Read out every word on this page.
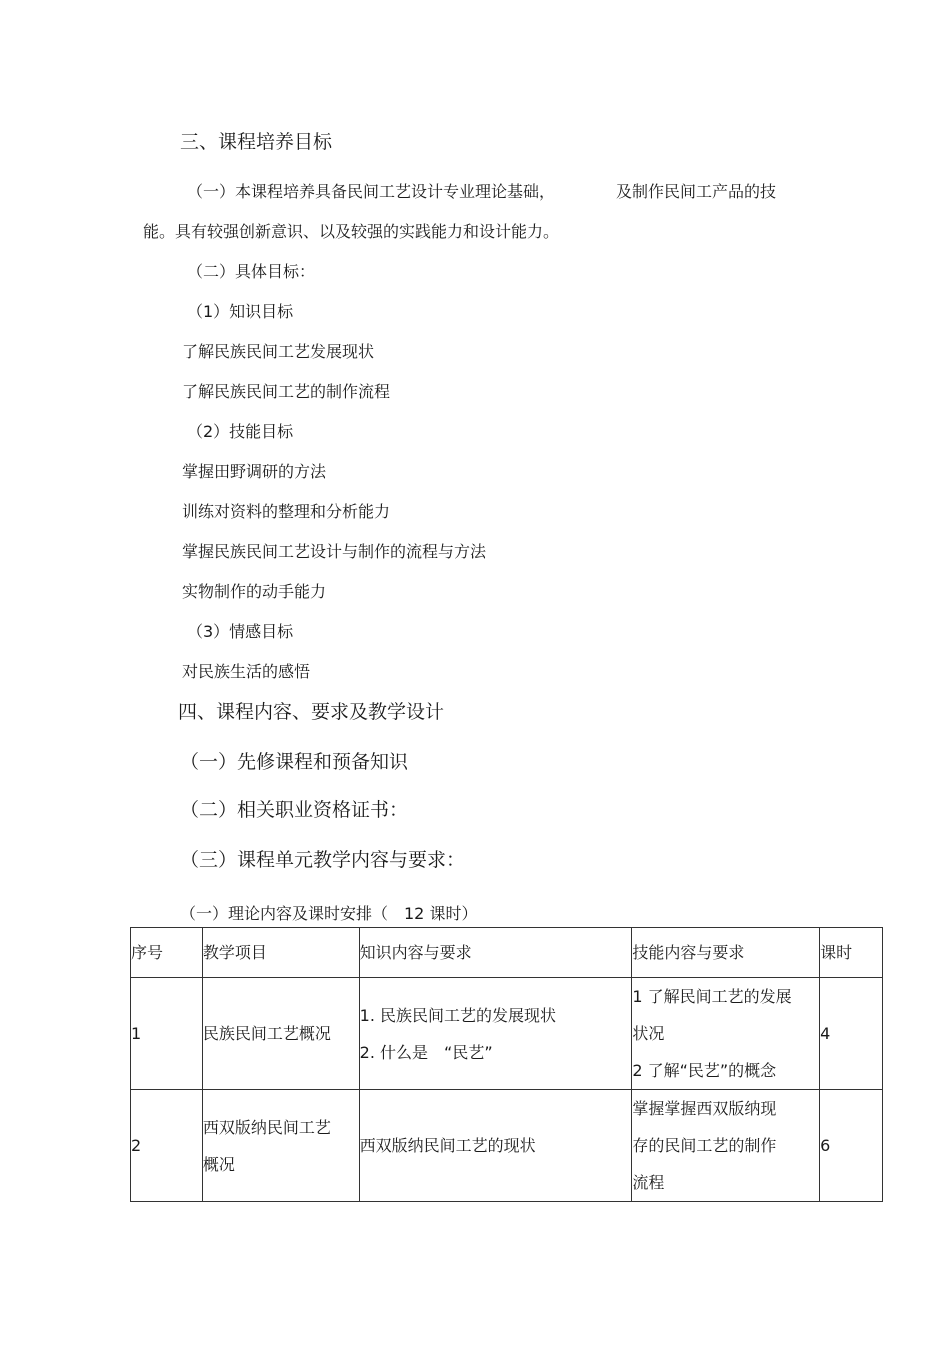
三、课程培养目标
（一）本课程培养具备民间工艺设计专业理论基础，	及制作民间工产品的技
能。具有较强创新意识、以及较强的实践能力和设计能力。
（二）具体目标：
（1）知识目标
了解民族民间工艺发展现状
了解民族民间工艺的制作流程
（2）技能目标
掌握田野调研的方法
训练对资料的整理和分析能力
掌握民族民间工艺设计与制作的流程与方法
实物制作的动手能力
（3）情感目标
对民族生活的感悟
四、课程内容、要求及教学设计
（一）先修课程和预备知识
（二）相关职业资格证书：
（三）课程单元教学内容与要求：
（一）理论内容及课时安排（　12 课时）
序号	教学项目	知识内容与要求	技能内容与要求	课时

1	民族民间工艺概况	1. 民族民间工艺的发展现状
2. 什么是　“民艺”	1 了解民间工艺的发展
状况
2 了解“民艺”的概念	4

2	西双版纳民间工艺
概况	西双版纳民间工艺的现状	掌握掌握西双版纳现
存的民间工艺的制作
流程	6
